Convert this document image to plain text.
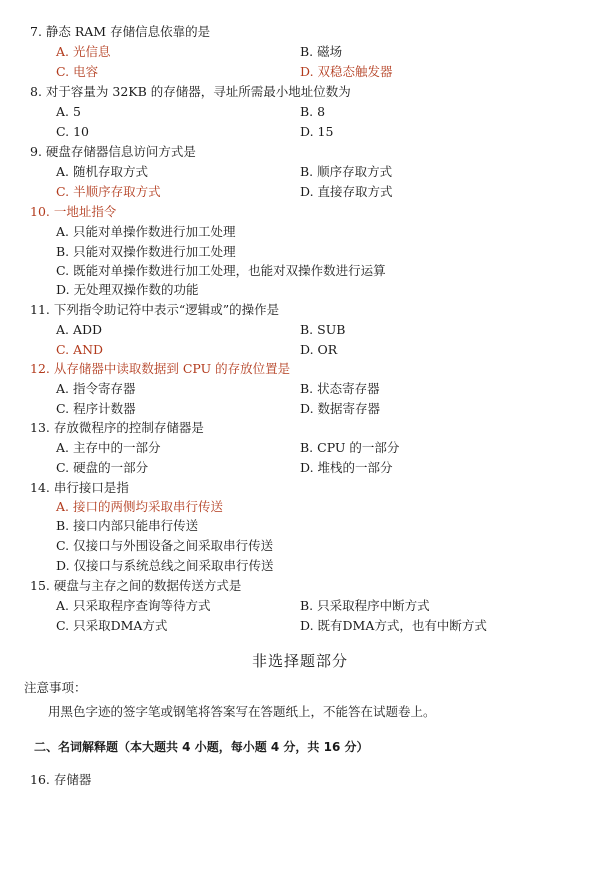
7. 静态 RAM 存储信息依靠的是
A. 光信息	B. 磁场
C. 电容	D. 双稳态触发器
8. 对于容量为 32KB 的存储器，寻址所需最小地址位数为
A. 5	B. 8
C. 10	D. 15
9. 硬盘存储器信息访问方式是
A. 随机存取方式	B. 顺序存取方式
C. 半顺序存取方式	D. 直接存取方式
10. 一地址指令
A. 只能对单操作数进行加工处理
B. 只能对双操作数进行加工处理
C. 既能对单操作数进行加工处理，也能对双操作数进行运算
D. 无处理双操作数的功能
11. 下列指令助记符中表示“逻辑或”的操作是
A. ADD	B. SUB
C. AND	D. OR
12. 从存储器中读取数据到 CPU 的存放位置是
A. 指令寄存器	B. 状态寄存器
C. 程序计数器	D. 数据寄存器
13. 存放微程序的控制存储器是
A. 主存中的一部分	B. CPU 的一部分
C. 硬盘的一部分	D. 堆栈的一部分
14. 串行接口是指
A. 接口的两侧均采取串行传送
B. 接口内部只能串行传送
C. 仅接口与外围设备之间采取串行传送
D. 仅接口与系统总线之间采取串行传送
15. 硬盘与主存之间的数据传送方式是
A. 只采取程序查询等待方式	B. 只采取程序中断方式
C. 只采取DMA方式	D. 既有DMA方式，也有中断方式
非选择题部分
注意事项：
用黑色字迹的签字笔或钢笔将答案写在答题纸上，不能答在试题卷上。
二、名词解释题（本大题共 4 小题，每小题 4 分，共 16 分）
16. 存储器
